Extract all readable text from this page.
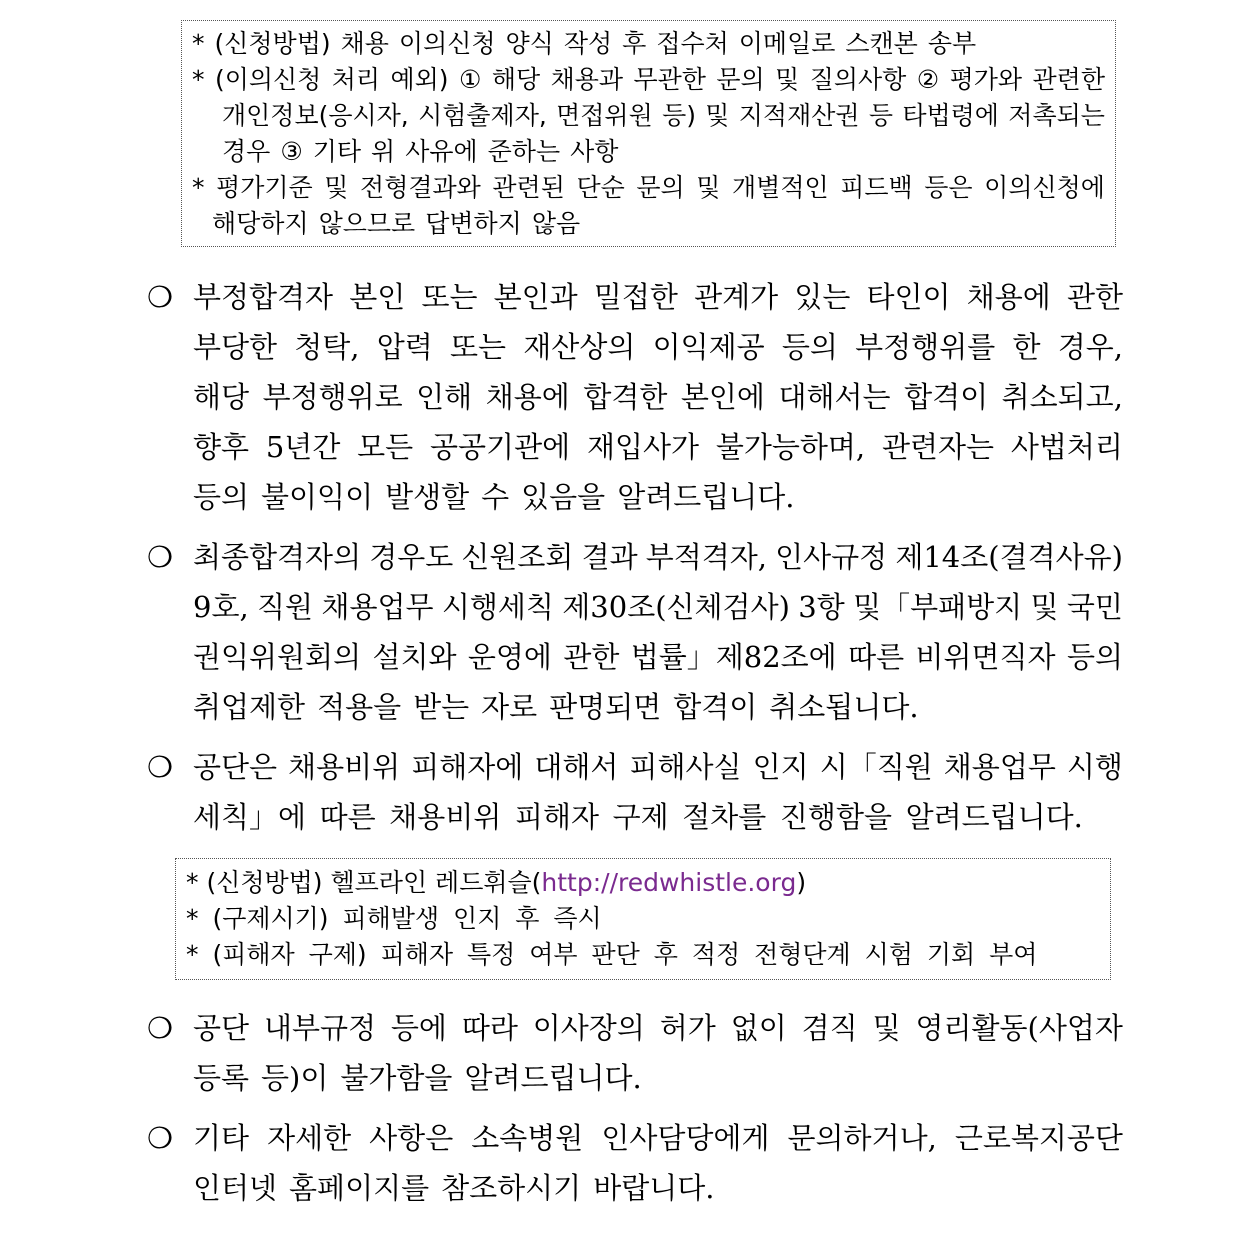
* (신청방법) 채용 이의신청 양식 작성 후 접수처 이메일로 스캔본 송부
* (이의신청 처리 예외) ① 해당 채용과 무관한 문의 및 질의사항 ② 평가와 관련한
개인정보(응시자, 시험출제자, 면접위원 등) 및 지적재산권 등 타법령에 저촉되는
경우 ③ 기타 위 사유에 준하는 사항
* 평가기준 및 전형결과와 관련된 단순 문의 및 개별적인 피드백 등은 이의신청에
해당하지 않으므로 답변하지 않음
❍ 부정합격자 본인 또는 본인과 밀접한 관계가 있는 타인이 채용에 관한
부당한 청탁, 압력 또는 재산상의 이익제공 등의 부정행위를 한 경우,
해당 부정행위로 인해 채용에 합격한 본인에 대해서는 합격이 취소되고,
향후 5년간 모든 공공기관에 재입사가 불가능하며, 관련자는 사법처리
등의 불이익이 발생할 수 있음을 알려드립니다.
❍ 최종합격자의 경우도 신원조회 결과 부적격자, 인사규정 제14조(결격사유)
9호, 직원 채용업무 시행세칙 제30조(신체검사) 3항 및「부패방지 및 국민
권익위원회의 설치와 운영에 관한 법률」제82조에 따른 비위면직자 등의
취업제한 적용을 받는 자로 판명되면 합격이 취소됩니다.
❍ 공단은 채용비위 피해자에 대해서 피해사실 인지 시「직원 채용업무 시행
세칙」에 따른 채용비위 피해자 구제 절차를 진행함을 알려드립니다.
* (신청방법) 헬프라인 레드휘슬(http://redwhistle.org)
* (구제시기) 피해발생 인지 후 즉시
* (피해자 구제) 피해자 특정 여부 판단 후 적정 전형단계 시험 기회 부여
❍ 공단 내부규정 등에 따라 이사장의 허가 없이 겸직 및 영리활동(사업자
등록 등)이 불가함을 알려드립니다.
❍ 기타 자세한 사항은 소속병원 인사담당에게 문의하거나, 근로복지공단
인터넷 홈페이지를 참조하시기 바랍니다.
